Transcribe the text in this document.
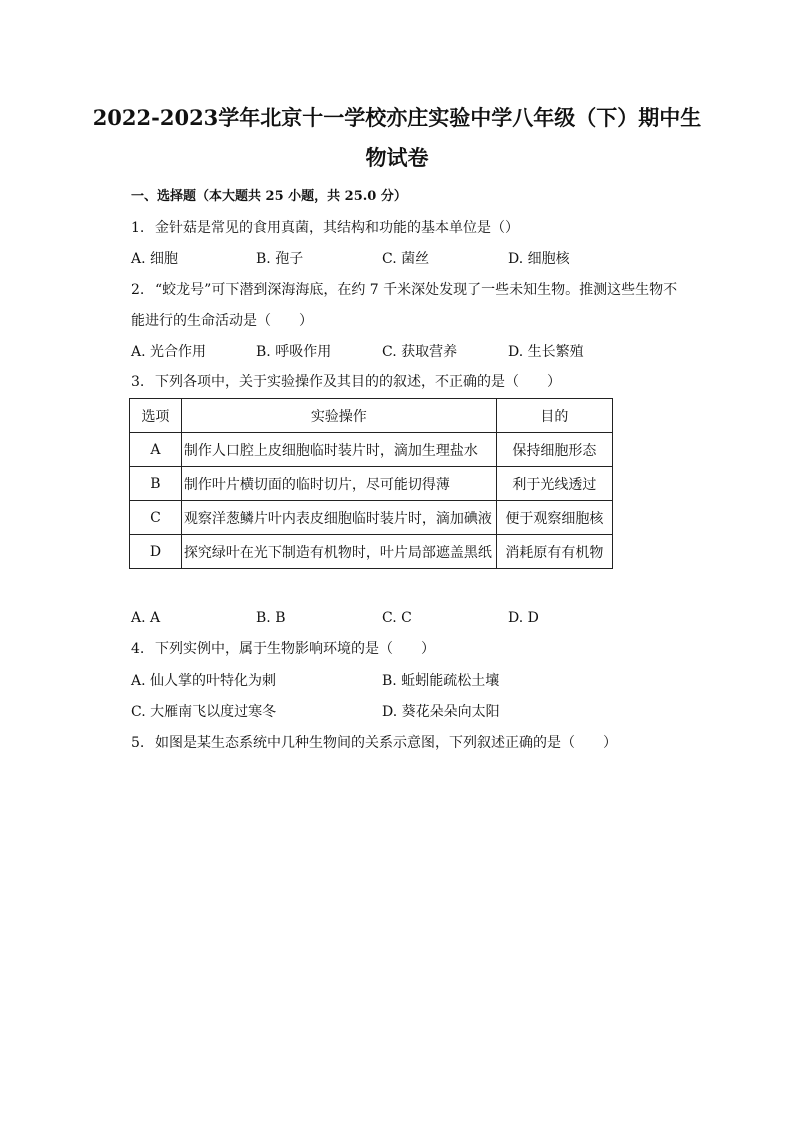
2022-2023学年北京十一学校亦庄实验中学八年级（下）期中生
物试卷
一、选择题（本大题共 25 小题，共 25.0 分）
1. 金针菇是常见的食用真菌，其结构和功能的基本单位是（）
A. 细胞	B. 孢子	C. 菌丝	D. 细胞核
2. “蛟龙号”可下潜到深海海底，在约 7 千米深处发现了一些未知生物。推测这些生物不
能进行的生命活动是（　　）
A. 光合作用	B. 呼吸作用	C. 获取营养	D. 生长繁殖
3. 下列各项中，关于实验操作及其目的的叙述，不正确的是（　　）
选项	实验操作	目的
A	制作人口腔上皮细胞临时装片时，滴加生理盐水	保持细胞形态
B	制作叶片横切面的临时切片，尽可能切得薄	利于光线透过
C	观察洋葱鳞片叶内表皮细胞临时装片时，滴加碘液	便于观察细胞核
D	探究绿叶在光下制造有机物时，叶片局部遮盖黑纸	消耗原有有机物
A. A	B. B	C. C	D. D
4. 下列实例中，属于生物影响环境的是（　　）
A. 仙人掌的叶特化为刺	B. 蚯蚓能疏松土壤
C. 大雁南飞以度过寒冬	D. 葵花朵朵向太阳
5. 如图是某生态系统中几种生物间的关系示意图，下列叙述正确的是（　　）
